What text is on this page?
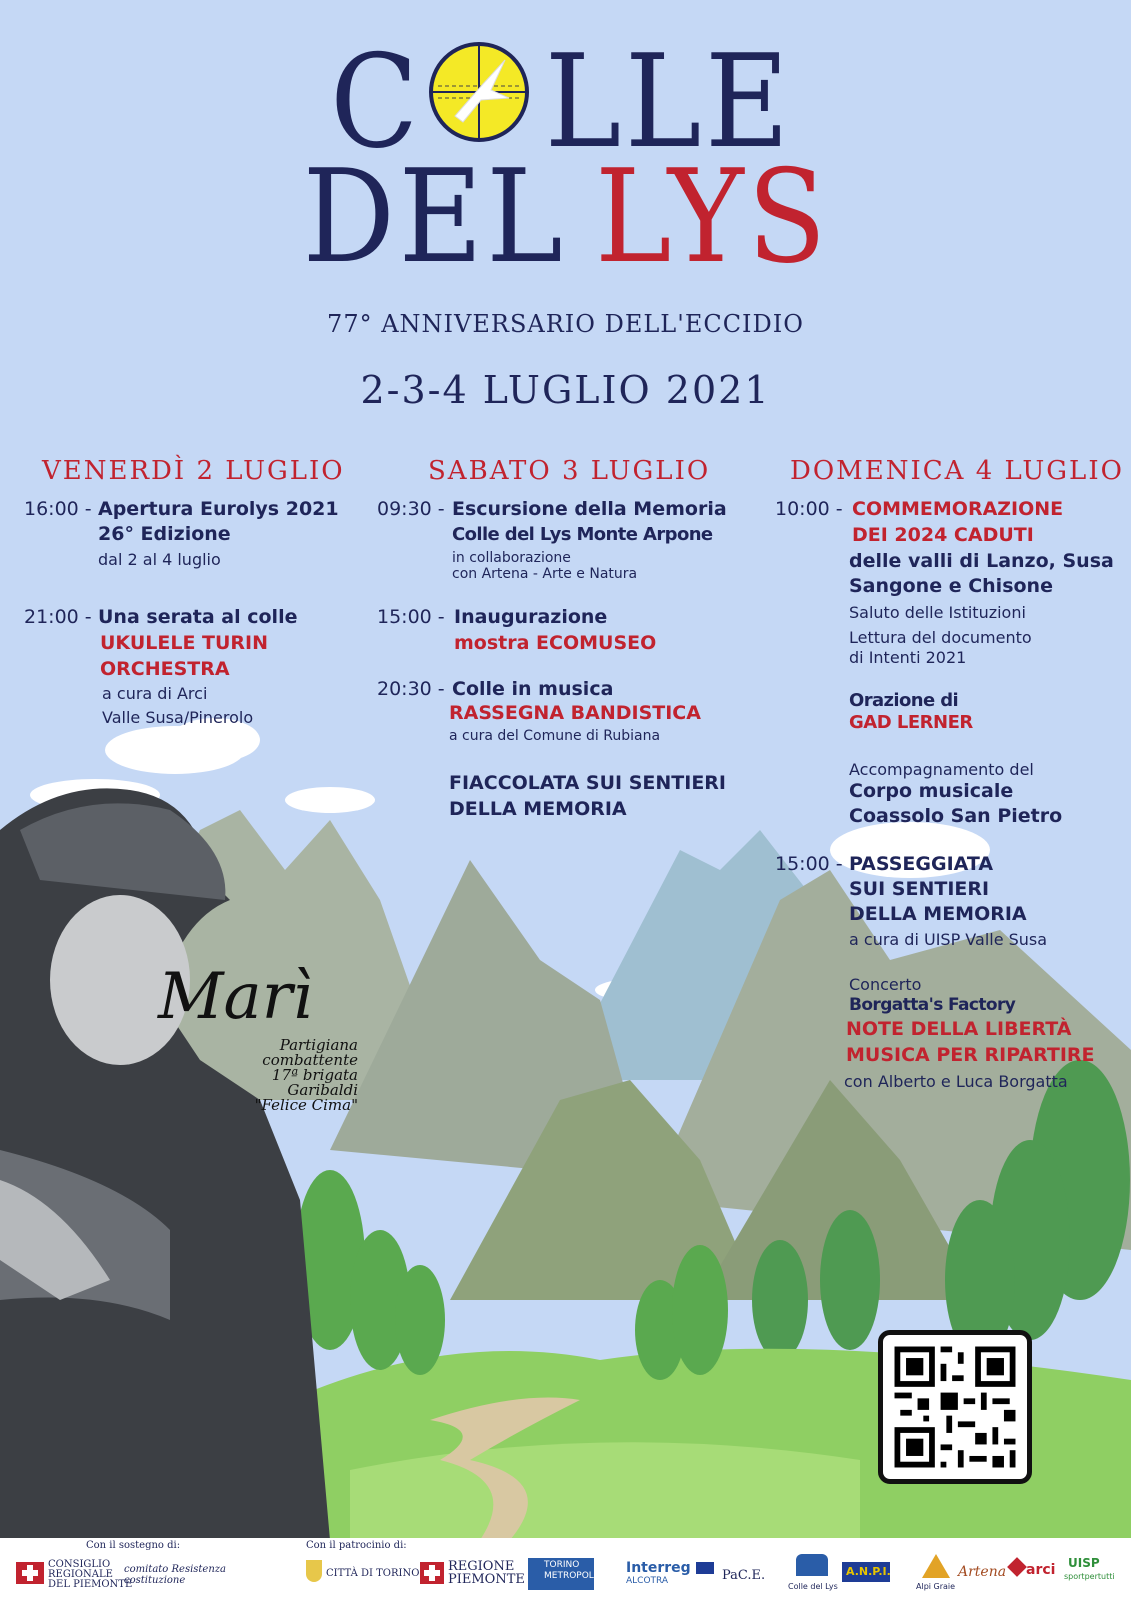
C LLE
DELLYS
77° ANNIVERSARIO DELL'ECCIDIO
2-3-4 LUGLIO 2021
VENERDÌ 2 LUGLIO	SABATO 3 LUGLIO	DOMENICA 4 LUGLIO
16:00 - Apertura Eurolys 2021
26° Edizione
dal 2 al 4 luglio
21:00 - Una serata al colle
UKULELE TURIN
ORCHESTRA
a cura di Arci
Valle Susa/Pinerolo
09:30 - Escursione della Memoria
Colle del Lys Monte Arpone
in collaborazione
con Artena - Arte e Natura
15:00 - Inaugurazione
mostra ECOMUSEO
20:30 - Colle in musica
RASSEGNA BANDISTICA
a cura del Comune di Rubiana
FIACCOLATA SUI SENTIERI
DELLA MEMORIA
10:00 - COMMEMORAZIONE
DEI 2024 CADUTI
delle valli di Lanzo, Susa
Sangone e Chisone
Saluto delle Istituzioni
Lettura del documento
di Intenti 2021
Orazione di
GAD LERNER
Accompagnamento del
Corpo musicale
Coassolo San Pietro
15:00 - PASSEGGIATA
SUI SENTIERI
DELLA MEMORIA
a cura di UISP Valle Susa
Concerto
Borgatta's Factory
NOTE DELLA LIBERTÀ
MUSICA PER RIPARTIRE
con Alberto e Luca Borgatta
Marì
Partigiana
combattente
17ª brigata
Garibaldi
"Felice Cima"
Con il sostegno di:	Con il patrocinio di:
CONSIGLIO
REGIONALE
DEL PIEMONTE
comitato Resistenza costituzione
CITTÀ DI TORINO REGIONE
PIEMONTE
TORINO
METROPOLI Interreg
ALCOTRA	PaC.E.
Colle del Lys
A.N.P.I.
Alpi Graie
Artena arci UISP
sportpertutti
